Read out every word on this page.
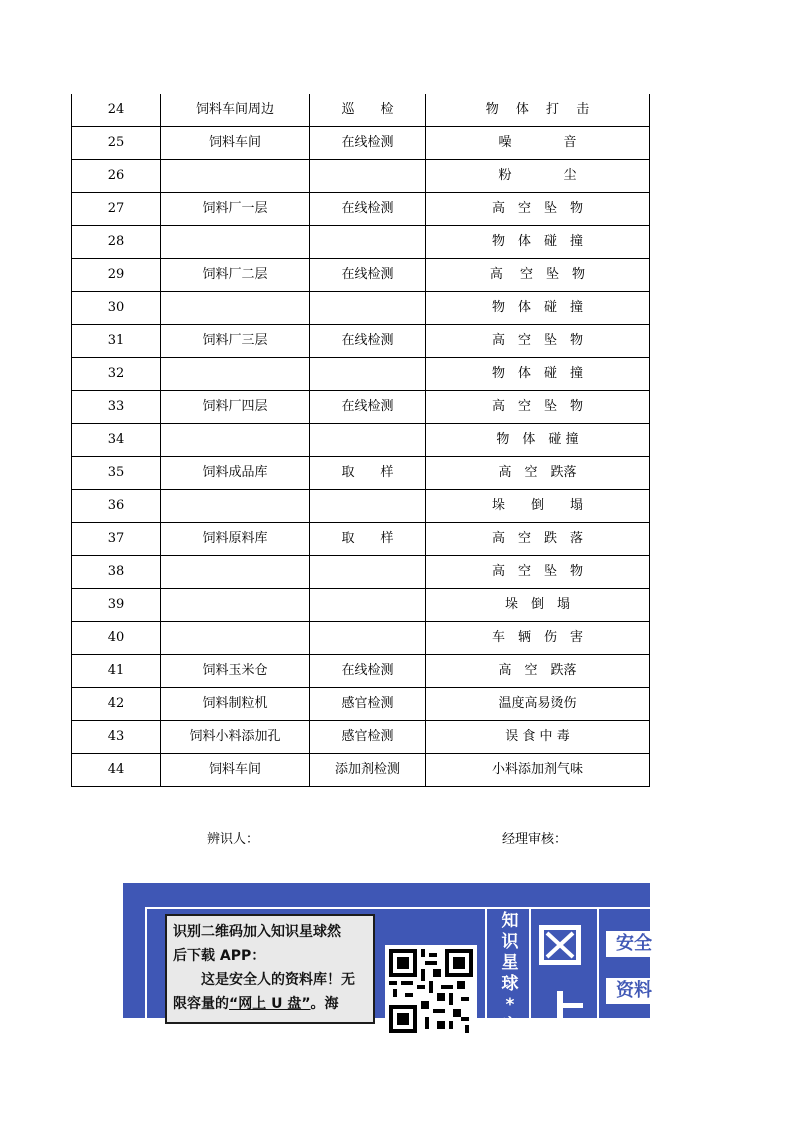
24	饲料车间周边	巡　　检	物　 体　 打　 击
25	饲料车间	在线检测	噪　　　　音
26			粉　　　　尘
27	饲料厂一层	在线检测	高　空　坠　物
28			物　体　碰　撞
29	饲料厂二层	在线检测	高　 空　坠　物
30			物　体　碰　撞
31	饲料厂三层	在线检测	高　空　坠　物
32			物　体　碰　撞
33	饲料厂四层	在线检测	高　空　坠　物
34			物　体　碰 撞
35	饲料成品库	取　　样	高　空　跌落
36			垛　　倒　　塌
37	饲料原料库	取　　样	高　空　跌　落
38			高　空　坠　物
39			垛　倒　塌
40			车　辆　伤　害
41	饲料玉米仓	在线检测	高　空　跌落
42	饲料制粒机	感官检测	温度高易烫伤
43	饲料小料添加孔	感官检测	误 食 中 毒
44	饲料车间	添加剂检测	小料添加剂气味
辨识人：	经理审核：
识别二维码加入知识星球然
后下载 APP：
这是安全人的资料库！无
限容量的“网上 U 盘”。海
知
识
星
球
*
安
安全
资料
